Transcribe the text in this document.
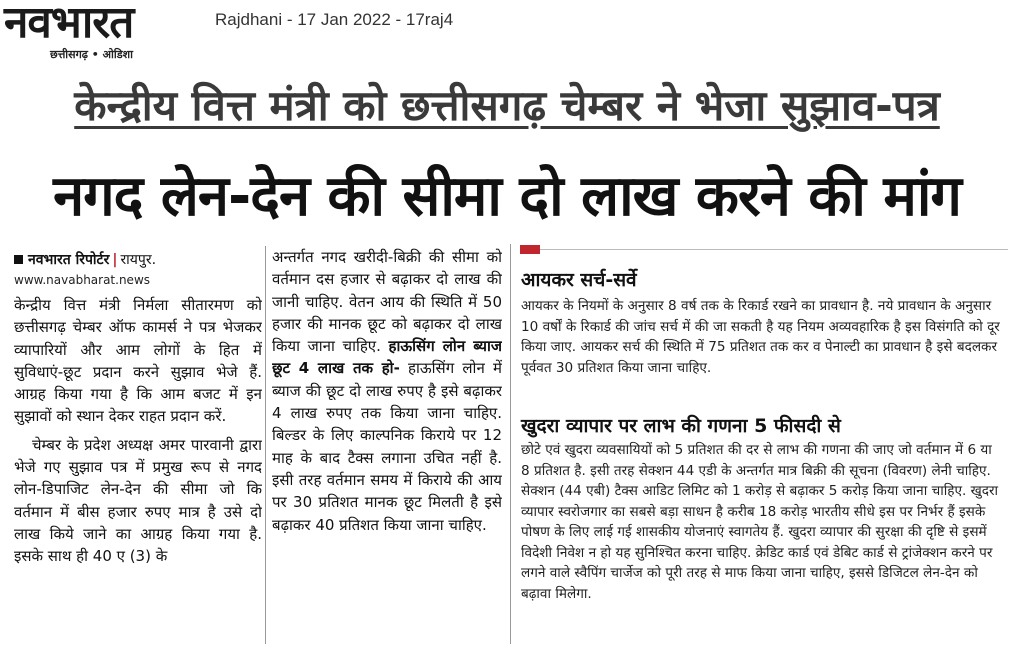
नवभारत
छत्तीसगढ़ • ओडिशा
Rajdhani - 17 Jan 2022 - 17raj4
केन्द्रीय वित्त मंत्री को छत्तीसगढ़ चेम्बर ने भेजा सुझाव-पत्र
नगद लेन-देन की सीमा दो लाख करने की मांग
नवभारत रिपोर्टर | रायपुर.
www.navabharat.news

केन्द्रीय वित्त मंत्री निर्मला सीतारमण को छत्तीसगढ़ चेम्बर ऑफ कामर्स ने पत्र भेजकर व्यापारियों और आम लोगों के हित में सुविधाएं-छूट प्रदान करने सुझाव भेजे हैं. आग्रह किया गया है कि आम बजट में इन सुझावों को स्थान देकर राहत प्रदान करें.

चेम्बर के प्रदेश अध्यक्ष अमर पारवानी द्वारा भेजे गए सुझाव पत्र में प्रमुख रूप से नगद लोन-डिपाजिट लेन-देन की सीमा जो कि वर्तमान में बीस हजार रुपए मात्र है उसे दो लाख किये जाने का आग्रह किया गया है. इसके साथ ही 40 ए (3) के

अन्तर्गत नगद खरीदी-बिक्री की सीमा को वर्तमान दस हजार से बढ़ाकर दो लाख की जानी चाहिए. वेतन आय की स्थिति में 50 हजार की मानक छूट को बढ़ाकर दो लाख किया जाना चाहिए. हाऊसिंग लोन ब्याज छूट 4 लाख तक हो- हाऊसिंग लोन में ब्याज की छूट दो लाख रुपए है इसे बढ़ाकर 4 लाख रुपए तक किया जाना चाहिए. बिल्डर के लिए काल्पनिक किराये पर 12 माह के बाद टैक्स लगाना उचित नहीं है. इसी तरह वर्तमान समय में किराये की आय पर 30 प्रतिशत मानक छूट मिलती है इसे बढ़ाकर 40 प्रतिशत किया जाना चाहिए.

आयकर सर्च-सर्वे

आयकर के नियमों के अनुसार 8 वर्ष तक के रिकार्ड रखने का प्रावधान है. नये प्रावधान के अनुसार 10 वर्षों के रिकार्ड की जांच सर्च में की जा सकती है यह नियम अव्यवहारिक है इस विसंगति को दूर किया जाए. आयकर सर्च की स्थिति में 75 प्रतिशत तक कर व पेनाल्टी का प्रावधान है इसे बदलकर पूर्ववत 30 प्रतिशत किया जाना चाहिए.

खुदरा व्यापार पर लाभ की गणना 5 फीसदी से

छोटे एवं खुदरा व्यवसायियों को 5 प्रतिशत की दर से लाभ की गणना की जाए जो वर्तमान में 6 या 8 प्रतिशत है. इसी तरह सेक्शन 44 एडी के अन्तर्गत मात्र बिक्री की सूचना (विवरण) लेनी चाहिए. सेक्शन (44 एबी) टैक्स आडिट लिमिट को 1 करोड़ से बढ़ाकर 5 करोड़ किया जाना चाहिए. खुदरा व्यापार स्वरोजगार का सबसे बड़ा साधन है करीब 18 करोड़ भारतीय सीधे इस पर निर्भर हैं इसके पोषण के लिए लाई गई शासकीय योजनाएं स्वागतेय हैं. खुदरा व्यापार की सुरक्षा की दृष्टि से इसमें विदेशी निवेश न हो यह सुनिश्चित करना चाहिए. क्रेडिट कार्ड एवं डेबिट कार्ड से ट्रांजेक्शन करने पर लगने वाले स्वैपिंग चार्जेज को पूरी तरह से माफ किया जाना चाहिए, इससे डिजिटल लेन-देन को बढ़ावा मिलेगा.
